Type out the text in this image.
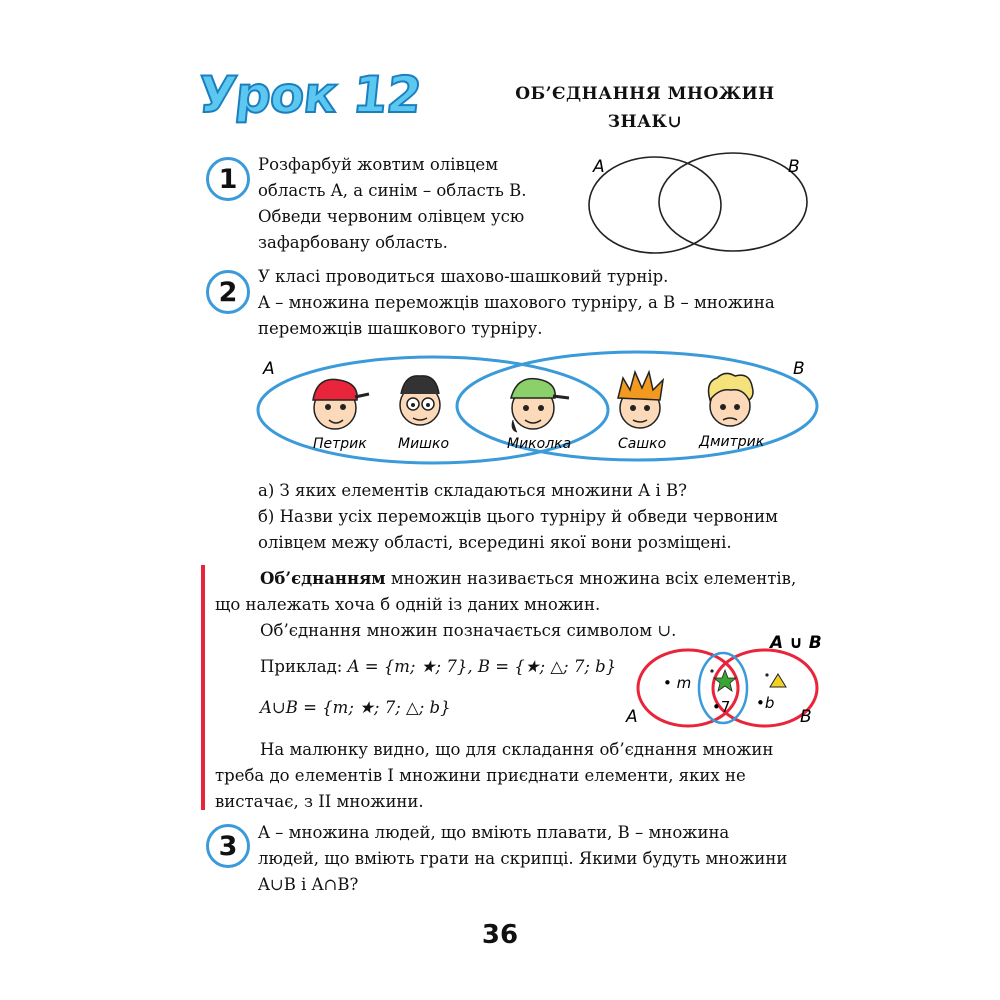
Урок 12	ОБ’ЄДНАННЯ МНОЖИН
ЗНАК∪
1	Розфарбуй жовтим олівцем
область A, а синім – область B.
Обведи червоним олівцем усю
зафарбовану область.
A	B
2	У класі проводиться шахово-шашковий турнір.
A – множина переможців шахового турніру, а B – множина
переможців шашкового турніру.
A	B
Петрик Мишко	Миколка	Сашко Дмитрик
а) З яких елементів складаються множини A і B?
б) Назви усіх переможців цього турніру й обведи червоним
олівцем межу області, всередині якої вони розміщені.
Об’єднанням множин називається множина всіх елементів,
що належать хоча б одній із даних множин.
Об’єднання множин позначається символом ∪.
Приклад: A = {m; ★; 7}, B = {★; △; 7; b}
A∪B = {m; ★; 7; △; b}
A ∪ B
• m
•7 •b
A	B
На малюнку видно, що для складання об’єднання множин
треба до елементів I множини приєднати елементи, яких не
вистачає, з II множини.
3	A – множина людей, що вміють плавати, B – множина
людей, що вміють грати на скрипці. Якими будуть множини
A∪B і A∩B?
36
